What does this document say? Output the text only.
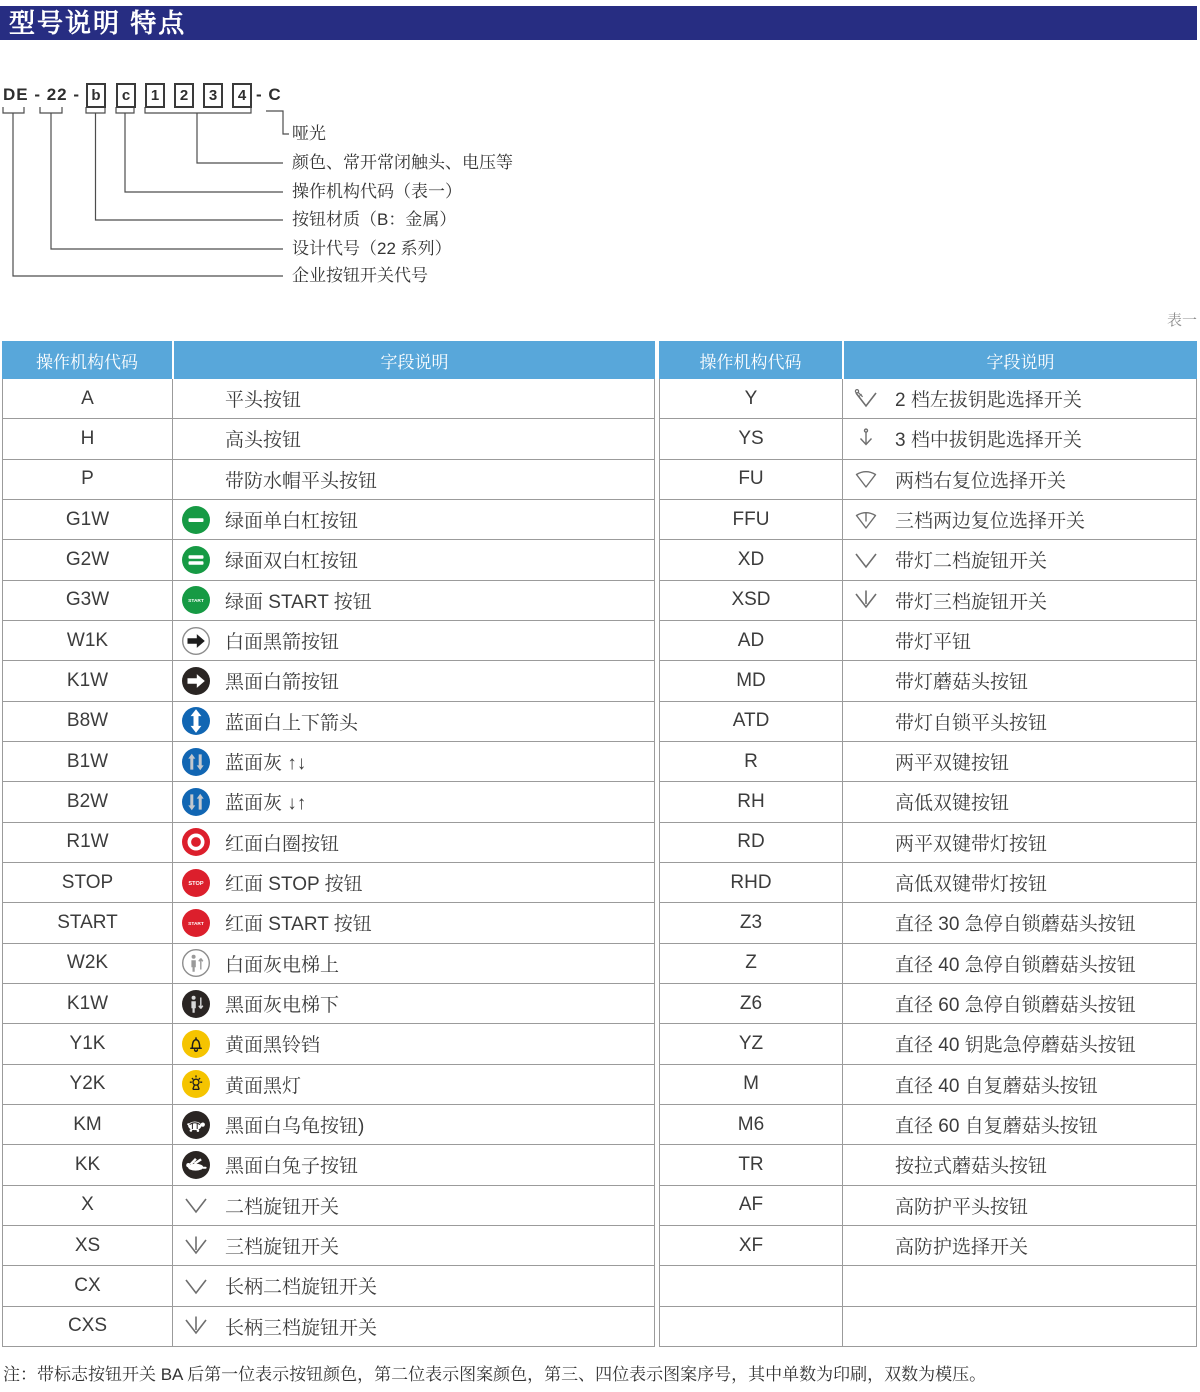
型号说明 特点
DE - 22 - b	c	1	2	3	4 - C
哑光
颜色、常开常闭触头、电压等
操作机构代码（表一）
按钮材质（B：金属）
设计代号（22 系列）
企业按钮开关代号
表一
操作机构代码	字段说明
A	平头按钮
H	高头按钮
P	带防水帽平头按钮
G1W	绿面单白杠按钮
G2W	绿面双白杠按钮
G3W	START 绿面 START 按钮
W1K	白面黑箭按钮
K1W	黑面白箭按钮
B8W	蓝面白上下箭头
B1W	蓝面灰 ↑↓
B2W	蓝面灰 ↓↑
R1W	红面白圈按钮
STOP	STOP 红面 STOP 按钮
START	START 红面 START 按钮
W2K	白面灰电梯上
K1W	黑面灰电梯下
Y1K	黄面黑铃铛
Y2K	黄面黑灯
KM	黑面白乌龟按钮)
KK	黑面白兔子按钮
X	二档旋钮开关
XS	三档旋钮开关
CX	长柄二档旋钮开关
CXS	长柄三档旋钮开关
操作机构代码	字段说明
Y	2 档左拔钥匙选择开关
YS	3 档中拔钥匙选择开关
FU	两档右复位选择开关
FFU	三档两边复位选择开关
XD	带灯二档旋钮开关
XSD	带灯三档旋钮开关
AD	带灯平钮
MD	带灯蘑菇头按钮
ATD	带灯自锁平头按钮
R	两平双键按钮
RH	高低双键按钮
RD	两平双键带灯按钮
RHD	高低双键带灯按钮
Z3	直径 30 急停自锁蘑菇头按钮
Z	直径 40 急停自锁蘑菇头按钮
Z6	直径 60 急停自锁蘑菇头按钮
YZ	直径 40 钥匙急停蘑菇头按钮
M	直径 40 自复蘑菇头按钮
M6	直径 60 自复蘑菇头按钮
TR	按拉式蘑菇头按钮
AF	高防护平头按钮
XF	高防护选择开关
注：带标志按钮开关 BA 后第一位表示按钮颜色，第二位表示图案颜色，第三、四位表示图案序号，其中单数为印刷，双数为模压。
